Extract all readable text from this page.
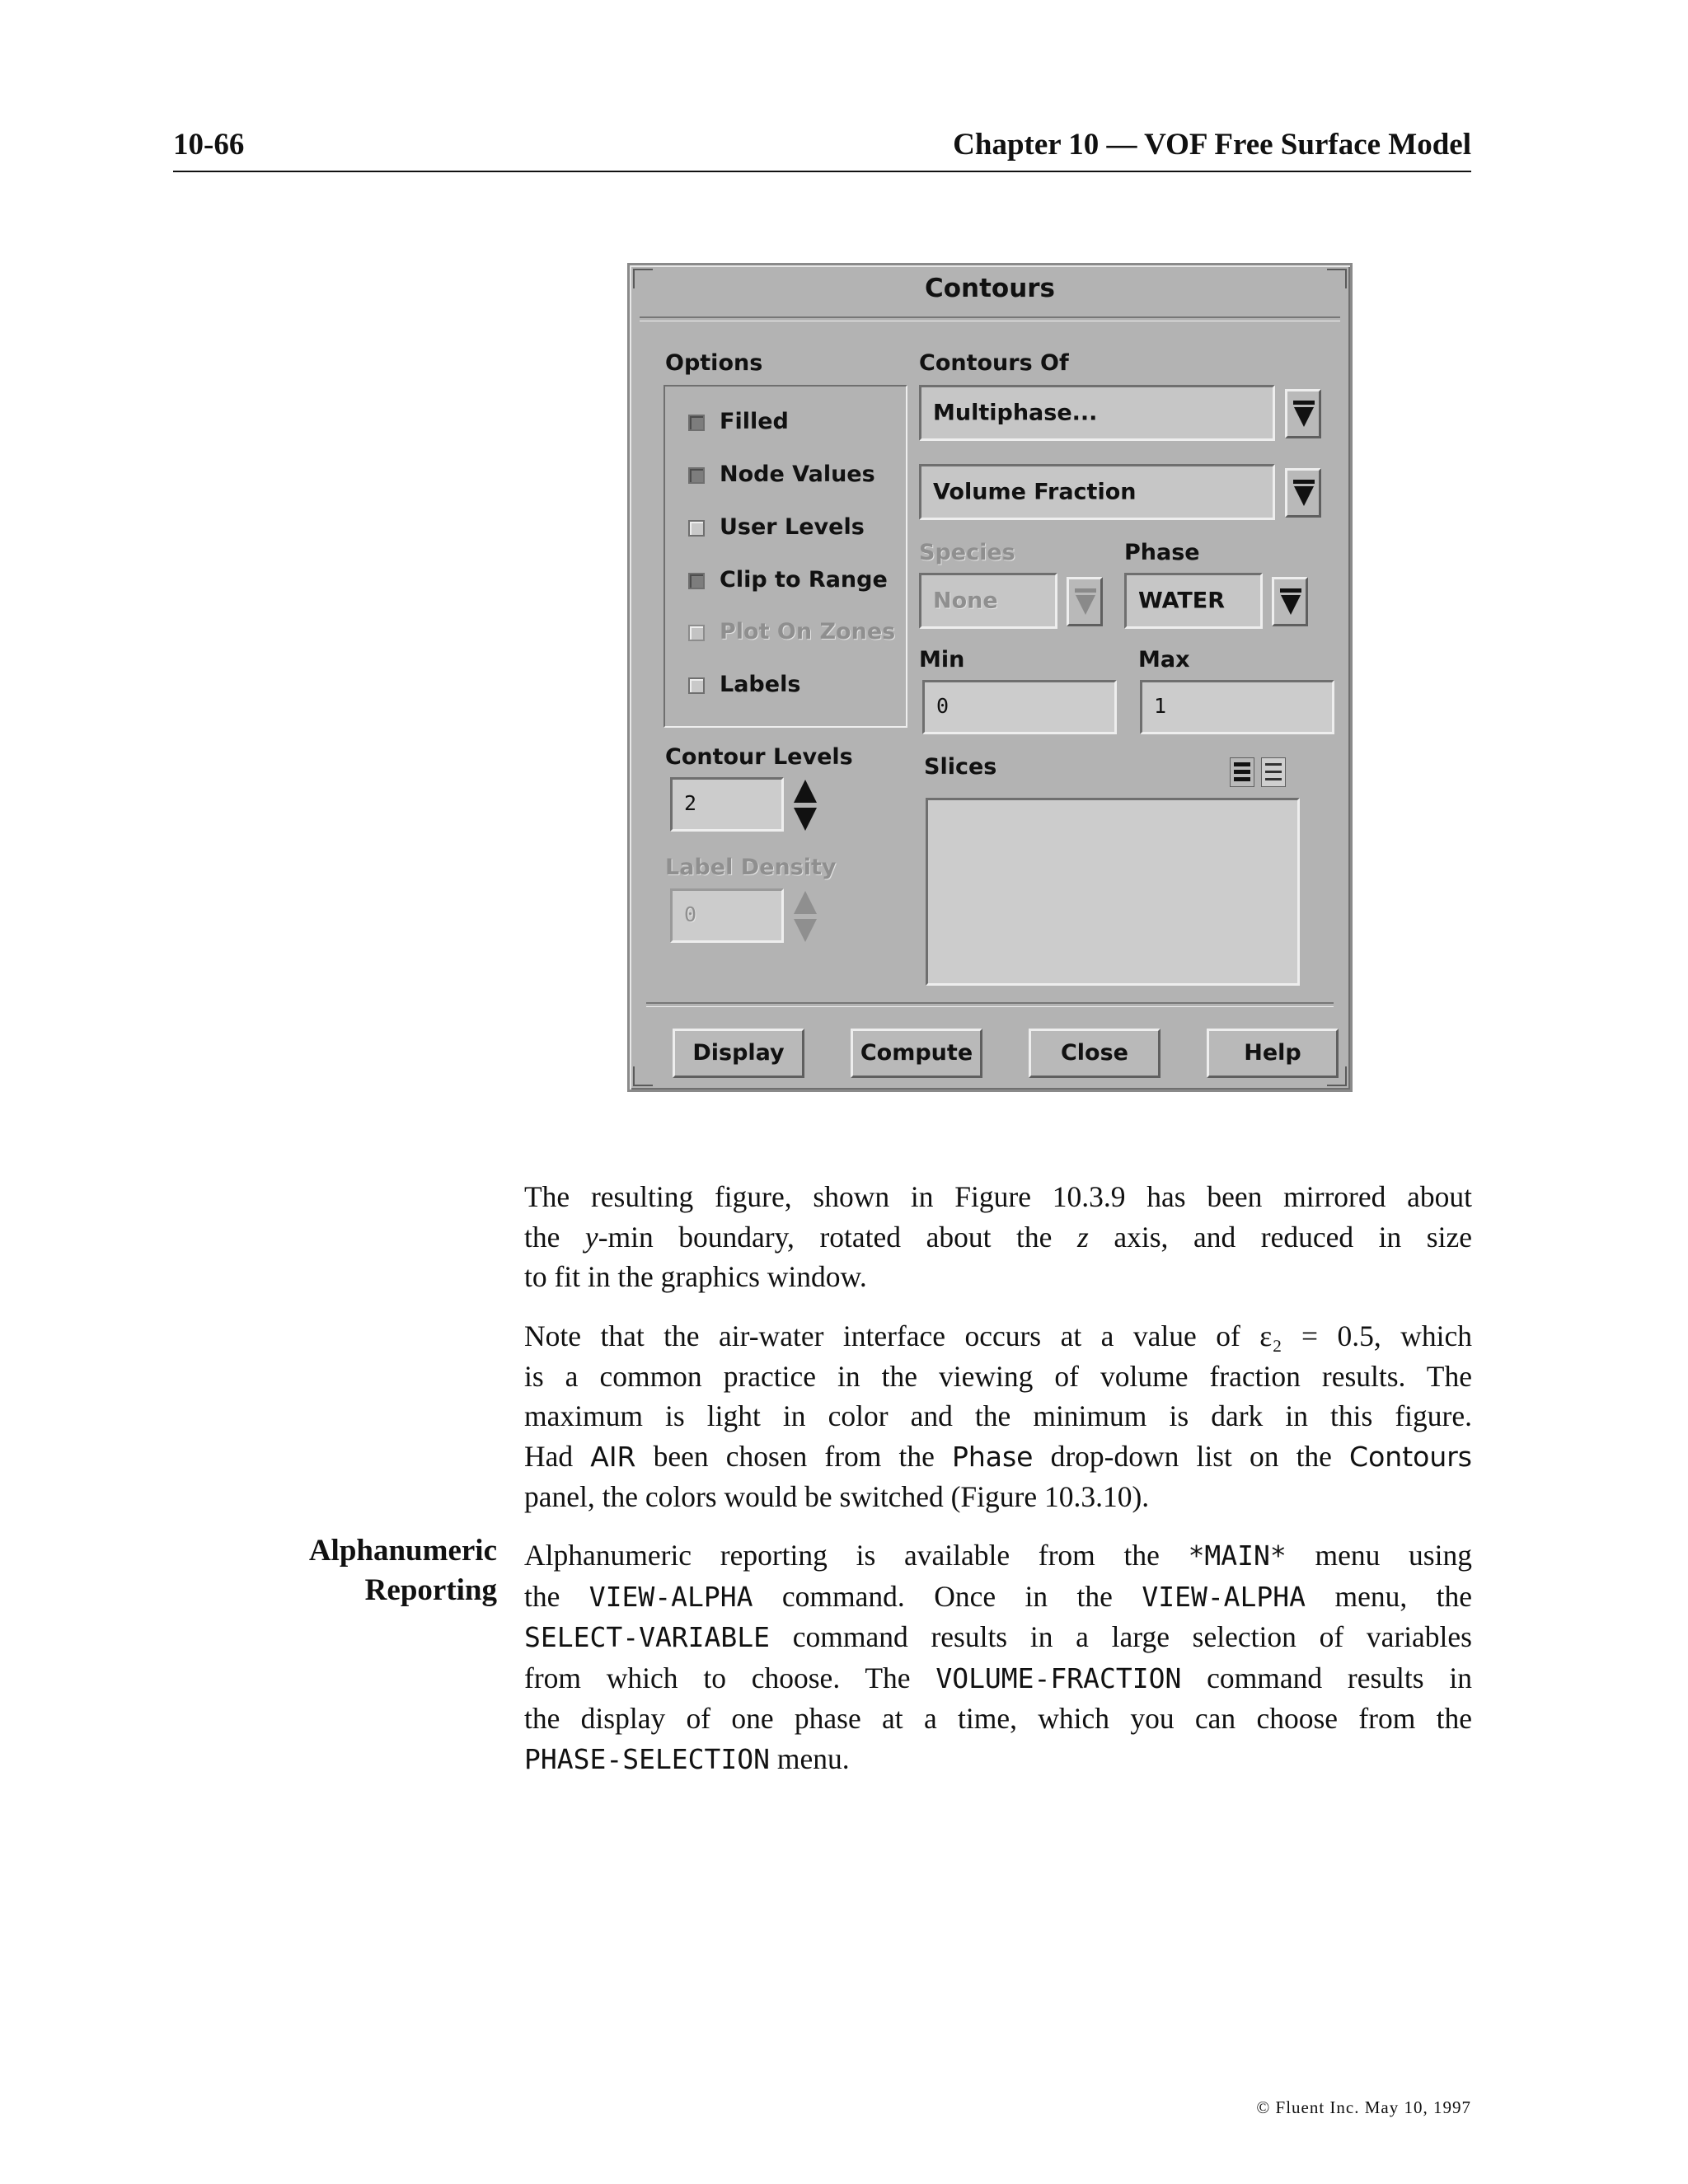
10-66	Chapter 10 — VOF Free Surface Model
Contours
Options
Filled
Node Values
User Levels
Clip to Range
Plot On Zones
Labels
Contours Of
Multiphase...
Volume Fraction
Species
None
Phase
WATER
Min
0
Max
1
Contour Levels
2
Label Density
0
Slices
Display	Compute	Close	Help
The resulting figure, shown in Figure 10.3.9 has been mirrored about
the y-min boundary, rotated about the z axis, and reduced in size
to fit in the graphics window.
Note that the air-water interface occurs at a value of ε₂ = 0.5, which
is a common practice in the viewing of volume fraction results. The
maximum is light in color and the minimum is dark in this figure.
Had AIR been chosen from the Phase drop-down list on the Contours
panel, the colors would be switched (Figure 10.3.10).
Alphanumeric
Reporting
Alphanumeric reporting is available from the *MAIN* menu using
the VIEW-ALPHA command. Once in the VIEW-ALPHA menu, the
SELECT-VARIABLE command results in a large selection of variables
from which to choose. The VOLUME-FRACTION command results in
the display of one phase at a time, which you can choose from the
PHASE-SELECTION menu.
© Fluent Inc. May 10, 1997
